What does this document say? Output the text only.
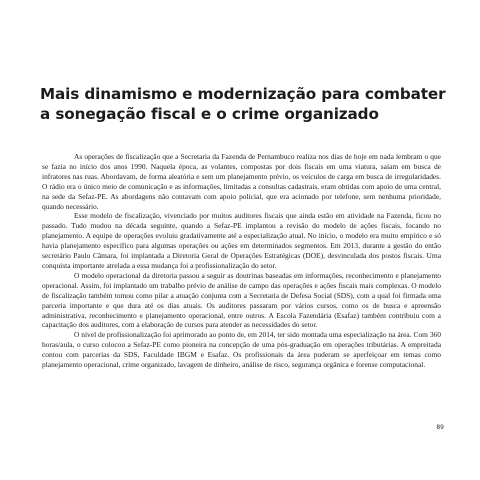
Mais dinamismo e modernização para combater
a sonegação fiscal e o crime organizado

As operações de fiscalização que a Secretaria da Fazenda de Pernambuco realiza nos dias de hoje em nada lembram o que se fazia no início dos anos 1990. Naquela época, as volantes, compostas por dois fiscais em uma viatura, saíam em busca de infratores nas ruas. Abordavam, de forma aleatória e sem um planejamento prévio, os veículos de carga em busca de irregularidades. O rádio era o único meio de comunicação e as informações, limitadas a consultas cadastrais, eram obtidas com apoio de uma central, na sede da Sefaz-PE. As abordagens não contavam com apoio policial, que era acionado por telefone, sem nenhuma prioridade, quando necessário.

Esse modelo de fiscalização, vivenciado por muitos auditores fiscais que ainda estão em atividade na Fazenda, ficou no passado. Tudo mudou na década seguinte, quando a Sefaz-PE implantou a revisão do modelo de ações fiscais, focando no planejamento. A equipe de operações evoluiu gradativamente até a especialização atual. No início, o modelo era muito empírico e só havia planejamento específico para algumas operações ou ações em determinados segmentos. Em 2013, durante a gestão do então secretário Paulo Câmara, foi implantada a Diretoria Geral de Operações Estratégicas (DOE), desvinculada dos postos fiscais. Uma conquista importante atrelada a essa mudança foi a profissionalização do setor.

O modelo operacional da diretoria passou a seguir as doutrinas baseadas em informações, reconhecimento e planejamento operacional. Assim, foi implantado um trabalho prévio de análise de campo das operações e ações fiscais mais complexas. O modelo de fiscalização também tomou como pilar a atuação conjunta com a Secretaria de Defesa Social (SDS), com a qual foi firmada uma parceria importante e que dura até os dias atuais. Os auditores passaram por vários cursos, como os de busca e apreensão administrativa, reconhecimento e planejamento operacional, entre outros. A Escola Fazendária (Esafaz) também contribuiu com a capacitação dos auditores, com a elaboração de cursos para atender as necessidades do setor.

O nível de profissionalização foi aprimorado ao ponto de, em 2014, ter sido montada uma especialização na área. Com 360 horas/aula, o curso colocou a Sefaz-PE como pioneira na concepção de uma pós-graduação em operações tributárias. A empreitada contou com parcerias da SDS, Faculdade IBGM e Esafaz. Os profissionais da área puderam se aperfeiçoar em temas como planejamento operacional, crime organizado, lavagem de dinheiro, análise de risco, segurança orgânica e forense computacional.

89
